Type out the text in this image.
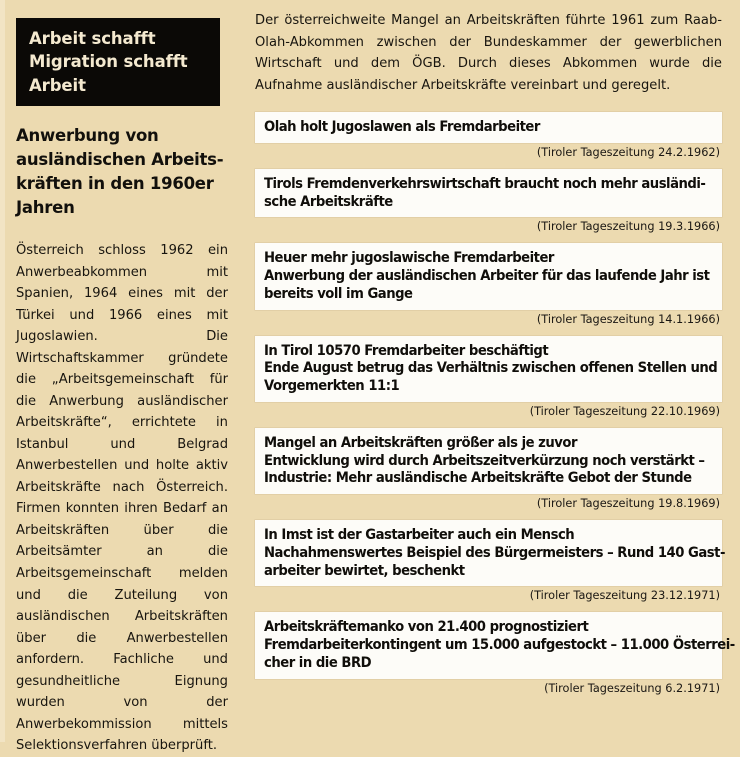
Arbeit schafft
Migration schafft
Arbeit
Anwerbung von
ausländischen Arbeits-
kräften in den 1960er
Jahren

Österreich schloss 1962 ein Anwerbeabkommen mit Spanien, 1964 eines mit der Türkei und 1966 eines mit Jugoslawien. Die Wirtschaftskammer gründete die „Arbeitsgemeinschaft für die Anwerbung ausländischer Arbeitskräfte“, errichtete in Istanbul und Belgrad Anwerbestellen und holte aktiv Arbeitskräfte nach Österreich. Firmen konnten ihren Bedarf an Arbeitskräften über die Arbeitsämter an die Arbeitsgemeinschaft melden und die Zuteilung von ausländischen Arbeitskräften über die Anwerbestellen anfordern. Fachliche und gesundheitliche Eignung wurden von der Anwerbekommission mittels Selektionsverfahren überprüft.

Der österreichweite Mangel an Arbeitskräften führte 1961 zum Raab-Olah-Abkommen zwischen der Bundeskammer der gewerblichen Wirtschaft und dem ÖGB. Durch dieses Abkommen wurde die Aufnahme ausländischer Arbeitskräfte vereinbart und geregelt.

Olah holt Jugoslawen als Fremdarbeiter
(Tiroler Tageszeitung 24.2.1962)
Tirols Fremdenverkehrswirtschaft braucht noch mehr ausländi-
sche Arbeitskräfte
(Tiroler Tageszeitung 19.3.1966)
Heuer mehr jugoslawische Fremdarbeiter
Anwerbung der ausländischen Arbeiter für das laufende Jahr ist
bereits voll im Gange
(Tiroler Tageszeitung 14.1.1966)
In Tirol 10570 Fremdarbeiter beschäftigt
Ende August betrug das Verhältnis zwischen offenen Stellen und
Vorgemerkten 11:1
(Tiroler Tageszeitung 22.10.1969)
Mangel an Arbeitskräften größer als je zuvor
Entwicklung wird durch Arbeitszeitverkürzung noch verstärkt –
Industrie: Mehr ausländische Arbeitskräfte Gebot der Stunde
(Tiroler Tageszeitung 19.8.1969)
In Imst ist der Gastarbeiter auch ein Mensch
Nachahmenswertes Beispiel des Bürgermeisters – Rund 140 Gast-
arbeiter bewirtet, beschenkt
(Tiroler Tageszeitung 23.12.1971)
Arbeitskräftemanko von 21.400 prognostiziert
Fremdarbeiterkontingent um 15.000 aufgestockt – 11.000 Österrei-
cher in die BRD
(Tiroler Tageszeitung 6.2.1971)
